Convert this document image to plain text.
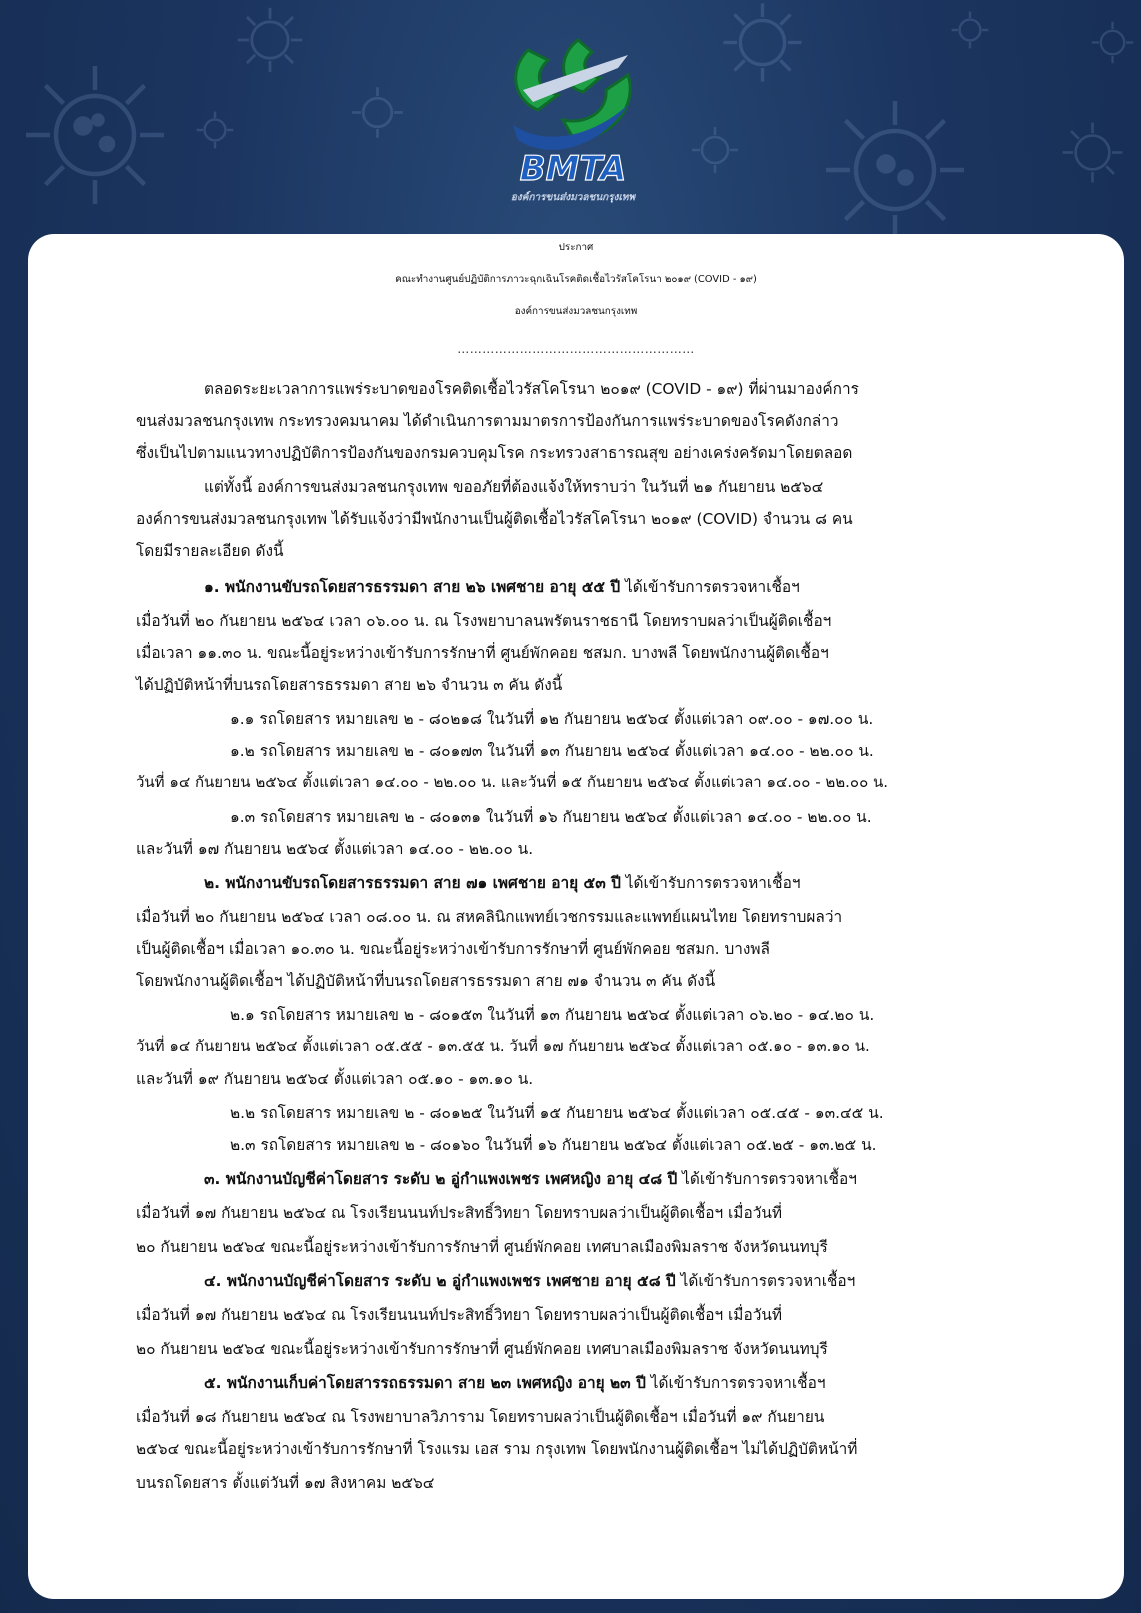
BMTA
องค์การขนส่งมวลชนกรุงเทพ
ประกาศ
คณะทำงานศูนย์ปฏิบัติการภาวะฉุกเฉินโรคติดเชื้อไวรัสโคโรนา ๒๐๑๙ (COVID - ๑๙)
องค์การขนส่งมวลชนกรุงเทพ
…………………………………………………
ตลอดระยะเวลาการแพร่ระบาดของโรคติดเชื้อไวรัสโคโรนา ๒๐๑๙ (COVID - ๑๙) ที่ผ่านมาองค์การ
ขนส่งมวลชนกรุงเทพ กระทรวงคมนาคม ได้ดำเนินการตามมาตรการป้องกันการแพร่ระบาดของโรคดังกล่าว
ซึ่งเป็นไปตามแนวทางปฏิบัติการป้องกันของกรมควบคุมโรค กระทรวงสาธารณสุข อย่างเคร่งครัดมาโดยตลอด
แต่ทั้งนี้ องค์การขนส่งมวลชนกรุงเทพ ขออภัยที่ต้องแจ้งให้ทราบว่า ในวันที่ ๒๑ กันยายน ๒๕๖๔
องค์การขนส่งมวลชนกรุงเทพ ได้รับแจ้งว่ามีพนักงานเป็นผู้ติดเชื้อไวรัสโคโรนา ๒๐๑๙ (COVID) จำนวน ๘ คน
โดยมีรายละเอียด ดังนี้
๑. พนักงานขับรถโดยสารธรรมดา สาย ๒๖ เพศชาย อายุ ๕๕ ปี ได้เข้ารับการตรวจหาเชื้อฯ
เมื่อวันที่ ๒๐ กันยายน ๒๕๖๔ เวลา ๐๖.๐๐ น. ณ โรงพยาบาลนพรัตนราชธานี โดยทราบผลว่าเป็นผู้ติดเชื้อฯ
เมื่อเวลา ๑๑.๓๐ น. ขณะนี้อยู่ระหว่างเข้ารับการรักษาที่ ศูนย์พักคอย ชสมก. บางพลี โดยพนักงานผู้ติดเชื้อฯ
ได้ปฏิบัติหน้าที่บนรถโดยสารธรรมดา สาย ๒๖ จำนวน ๓ คัน ดังนี้
๑.๑ รถโดยสาร หมายเลข ๒ - ๘๐๒๑๘ ในวันที่ ๑๒ กันยายน ๒๕๖๔ ตั้งแต่เวลา ๐๙.๐๐ - ๑๗.๐๐ น.
๑.๒ รถโดยสาร หมายเลข ๒ - ๘๐๑๗๓ ในวันที่ ๑๓ กันยายน ๒๕๖๔ ตั้งแต่เวลา ๑๔.๐๐ - ๒๒.๐๐ น.
วันที่ ๑๔ กันยายน ๒๕๖๔ ตั้งแต่เวลา ๑๔.๐๐ - ๒๒.๐๐ น. และวันที่ ๑๕ กันยายน ๒๕๖๔ ตั้งแต่เวลา ๑๔.๐๐ - ๒๒.๐๐ น.
๑.๓ รถโดยสาร หมายเลข ๒ - ๘๐๑๓๑ ในวันที่ ๑๖ กันยายน ๒๕๖๔ ตั้งแต่เวลา ๑๔.๐๐ - ๒๒.๐๐ น.
และวันที่ ๑๗ กันยายน ๒๕๖๔ ตั้งแต่เวลา ๑๔.๐๐ - ๒๒.๐๐ น.
๒. พนักงานขับรถโดยสารธรรมดา สาย ๗๑ เพศชาย อายุ ๕๓ ปี ได้เข้ารับการตรวจหาเชื้อฯ
เมื่อวันที่ ๒๐ กันยายน ๒๕๖๔ เวลา ๐๘.๐๐ น. ณ สหคลินิกแพทย์เวชกรรมและแพทย์แผนไทย โดยทราบผลว่า
เป็นผู้ติดเชื้อฯ เมื่อเวลา ๑๐.๓๐ น. ขณะนี้อยู่ระหว่างเข้ารับการรักษาที่ ศูนย์พักคอย ชสมก. บางพลี
โดยพนักงานผู้ติดเชื้อฯ ได้ปฏิบัติหน้าที่บนรถโดยสารธรรมดา สาย ๗๑ จำนวน ๓ คัน ดังนี้
๒.๑ รถโดยสาร หมายเลข ๒ - ๘๐๑๕๓ ในวันที่ ๑๓ กันยายน ๒๕๖๔ ตั้งแต่เวลา ๐๖.๒๐ - ๑๔.๒๐ น.
วันที่ ๑๔ กันยายน ๒๕๖๔ ตั้งแต่เวลา ๐๕.๕๕ - ๑๓.๕๕ น. วันที่ ๑๗ กันยายน ๒๕๖๔ ตั้งแต่เวลา ๐๕.๑๐ - ๑๓.๑๐ น.
และวันที่ ๑๙ กันยายน ๒๕๖๔ ตั้งแต่เวลา ๐๕.๑๐ - ๑๓.๑๐ น.
๒.๒ รถโดยสาร หมายเลข ๒ - ๘๐๑๒๕ ในวันที่ ๑๕ กันยายน ๒๕๖๔ ตั้งแต่เวลา ๐๕.๔๕ - ๑๓.๔๕ น.
๒.๓ รถโดยสาร หมายเลข ๒ - ๘๐๑๖๐ ในวันที่ ๑๖ กันยายน ๒๕๖๔ ตั้งแต่เวลา ๐๕.๒๕ - ๑๓.๒๕ น.
๓. พนักงานบัญชีค่าโดยสาร ระดับ ๒ อู่กำแพงเพชร เพศหญิง อายุ ๔๘ ปี ได้เข้ารับการตรวจหาเชื้อฯ
เมื่อวันที่ ๑๗ กันยายน ๒๕๖๔ ณ โรงเรียนนนท์ประสิทธิ์วิทยา โดยทราบผลว่าเป็นผู้ติดเชื้อฯ เมื่อวันที่
๒๐ กันยายน ๒๕๖๔ ขณะนี้อยู่ระหว่างเข้ารับการรักษาที่ ศูนย์พักคอย เทศบาลเมืองพิมลราช จังหวัดนนทบุรี
๔. พนักงานบัญชีค่าโดยสาร ระดับ ๒ อู่กำแพงเพชร เพศชาย อายุ ๕๘ ปี ได้เข้ารับการตรวจหาเชื้อฯ
เมื่อวันที่ ๑๗ กันยายน ๒๕๖๔ ณ โรงเรียนนนท์ประสิทธิ์วิทยา โดยทราบผลว่าเป็นผู้ติดเชื้อฯ เมื่อวันที่
๒๐ กันยายน ๒๕๖๔ ขณะนี้อยู่ระหว่างเข้ารับการรักษาที่ ศูนย์พักคอย เทศบาลเมืองพิมลราช จังหวัดนนทบุรี
๕. พนักงานเก็บค่าโดยสารรถธรรมดา สาย ๒๓ เพศหญิง อายุ ๒๓ ปี ได้เข้ารับการตรวจหาเชื้อฯ
เมื่อวันที่ ๑๘ กันยายน ๒๕๖๔ ณ โรงพยาบาลวิภาราม โดยทราบผลว่าเป็นผู้ติดเชื้อฯ เมื่อวันที่ ๑๙ กันยายน
๒๕๖๔ ขณะนี้อยู่ระหว่างเข้ารับการรักษาที่ โรงแรม เอส ราม กรุงเทพ โดยพนักงานผู้ติดเชื้อฯ ไม่ได้ปฏิบัติหน้าที่
บนรถโดยสาร ตั้งแต่วันที่ ๑๗ สิงหาคม ๒๕๖๔
